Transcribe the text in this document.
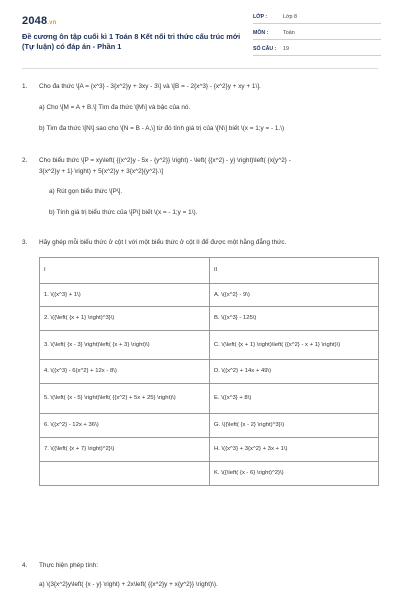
2048.vn
Đề cương ôn tập cuối kì 1 Toán 8 Kết nối tri thức cấu trúc mới (Tự luận) có đáp án - Phần 1
LỚP :	Lớp 8
MÔN :	Toán
SỐ CÂU :	19
1.	Cho đa thức \[A = {x^3} - 3{x^2}y + 3xy - 3\] và \[B = - 2{x^3} - {x^2}y + xy + 1\].
a) Cho \[M = A + B.\] Tìm đa thức \[M\] và bậc của nó.
b) Tìm đa thức \[N\] sao cho \[N = B - A,\] từ đó tính giá trị của \[N\] biết \(x = 1;y = - 1.\)
2.	Cho biểu thức \[P = xy\left( {{x^2}y - 5x - {y^2}} \right) - \left( {{x^2} - y} \right)\left( {x{y^2} -
3{x^2}y + 1} \right) + 5{x^2}y + 3{x^2}{y^2}.\]
a) Rút gọn biểu thức \[P\].
b) Tính giá trị biểu thức của \[P\] biết \(x = - 1;y = 1\).
3.	Hãy ghép mỗi biểu thức ở cột I với một biểu thức ở cột II để được một hằng đẳng thức.
I	II
1. \({x^3} + 1\)	A. \({x^2} - 9\)
2. \({\left( {x + 1} \right)^3}\)	B. \({x^3} - 125\)
3. \(\left( {x - 3} \right)\left( {x + 3} \right)\)	C. \(\left( {x + 1} \right)\left( {{x^2} - x + 1} \right)\)
4. \({x^3} - 6{x^2} + 12x - 8\)	D. \({x^2} + 14x + 49\)
5. \(\left( {x - 5} \right)\left( {{x^2} + 5x + 25} \right)\)	E. \({x^3} + 8\)
6. \({x^2} - 12x + 36\)	G. \({\left( {x - 2} \right)^3}\)
7. \({\left( {x + 7} \right)^2}\)	H. \({x^3} + 3{x^2} + 3x + 1\)
	K. \({\left( {x - 6} \right)^2}\)
4.	Thực hiện phép tính:
a) \(3{x^2}y\left( {x - y} \right) + 2x\left( {{x^2}y + x{y^2}} \right)\).
